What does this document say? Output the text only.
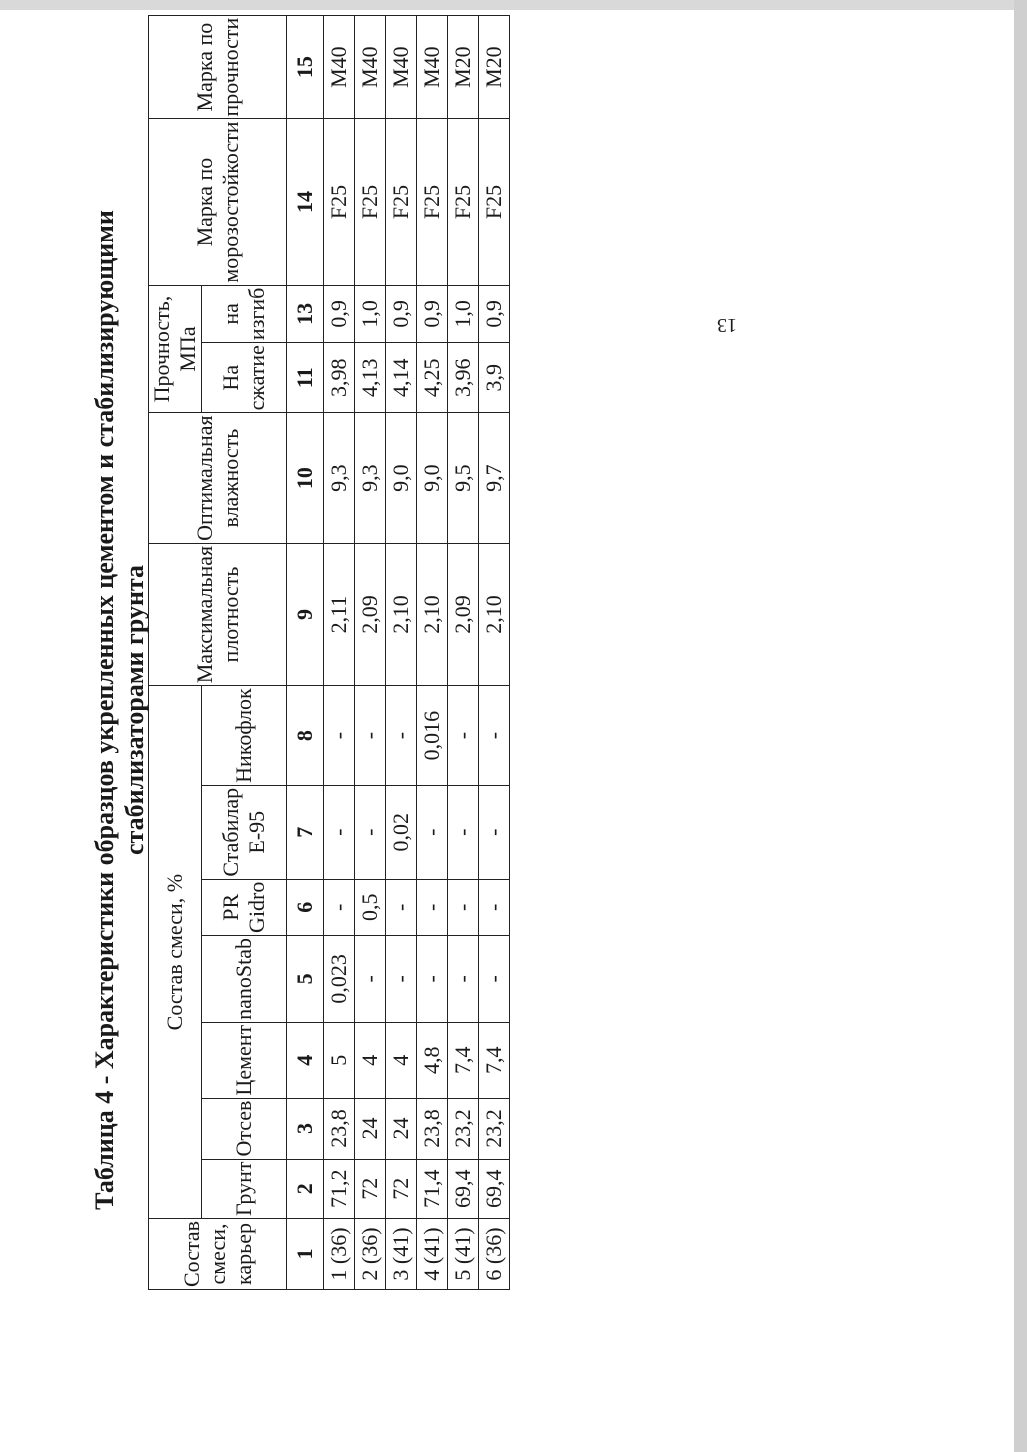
Таблица 4 - Характеристики образцов укрепленных цементом и стабилизирующими стабилизаторами грунта
Состав смеси, карьер	Состав смеси, %							Максимальная плотность	Оптимальная влажность	Прочность, МПа		Марка по морозостойкости	Марка по прочности
	Грунт	Отсев	Цемент	nanoStab	PR Gidro	Стабилар Е-95	Никофлок			На сжатие	на изгиб		
1	2	3	4	5	6	7	8	9	10	11	13	14	15
1 (36)	71,2	23,8	5	0,023	-	-	-	2,11	9,3	3,98	0,9	F25	M40
2 (36)	72	24	4	-	0,5	-	-	2,09	9,3	4,13	1,0	F25	M40
3 (41)	72	24	4	-	-	0,02	-	2,10	9,0	4,14	0,9	F25	M40
4 (41)	71,4	23,8	4,8	-	-	-	0,016	2,10	9,0	4,25	0,9	F25	M40
5 (41)	69,4	23,2	7,4	-	-	-	-	2,09	9,5	3,96	1,0	F25	M20
6 (36)	69,4	23,2	7,4	-	-	-	-	2,10	9,7	3,9	0,9	F25	M20
13
